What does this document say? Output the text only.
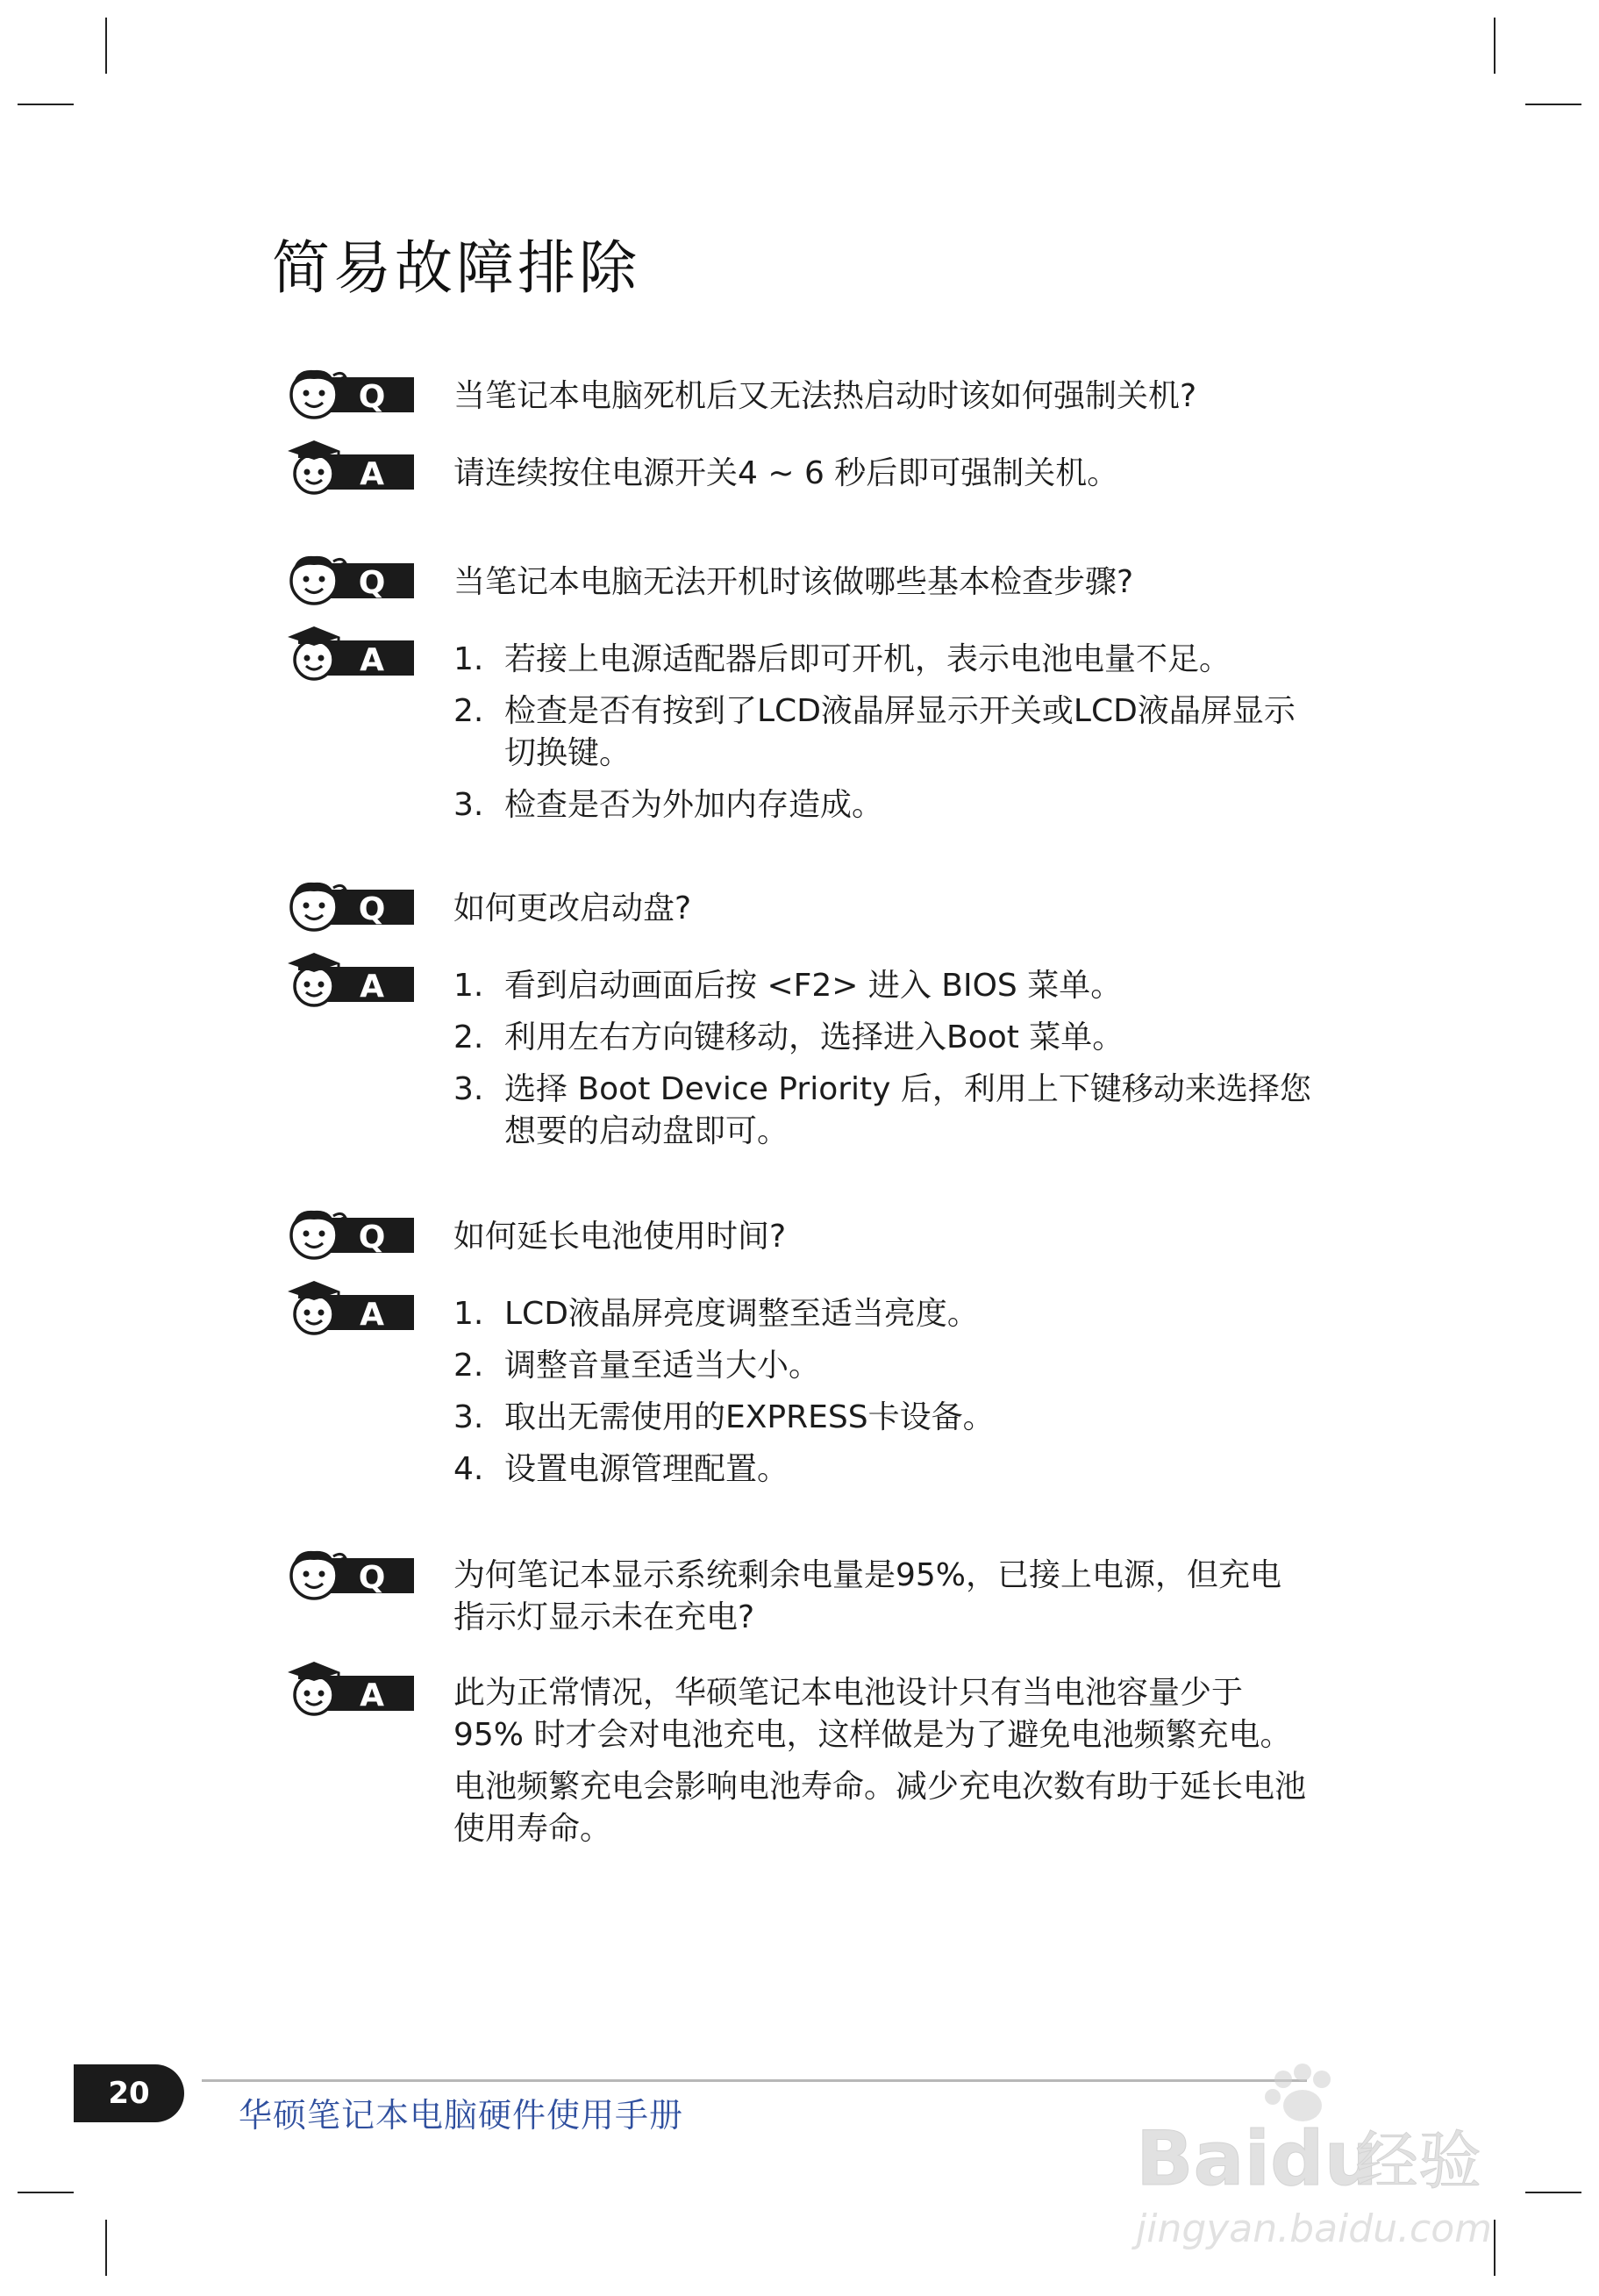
简易故障排除
当笔记本电脑死机后又无法热启动时该如何强制关机?

请连续按住电源开关4 ~ 6 秒后即可强制关机。

当笔记本电脑无法开机时该做哪些基本检查步骤?
1. 若接上电源适配器后即可开机，表示电池电量不足。
2. 检查是否有按到了LCD液晶屏显示开关或LCD液晶屏显示切换键。
3. 检查是否为外加内存造成。
如何更改启动盘?
1. 看到启动画面后按 <F2> 进入 BIOS 菜单。
2. 利用左右方向键移动，选择进入Boot 菜单。
3. 选择 Boot Device Priority 后，利用上下键移动来选择您想要的启动盘即可。
如何延长电池使用时间?
1. LCD液晶屏亮度调整至适当亮度。
2. 调整音量至适当大小。
3. 取出无需使用的EXPRESS卡设备。
4. 设置电源管理配置。
为何笔记本显示系统剩余电量是95%，已接上电源，但充电指示灯显示未在充电?

此为正常情况，华硕笔记本电池设计只有当电池容量少于 95% 时才会对电池充电，这样做是为了避免电池频繁充电。

电池频繁充电会影响电池寿命。减少充电次数有助于延长电池使用寿命。

20
华硕笔记本电脑硬件使用手册	Baidu
经验
jingyan.baidu.com
